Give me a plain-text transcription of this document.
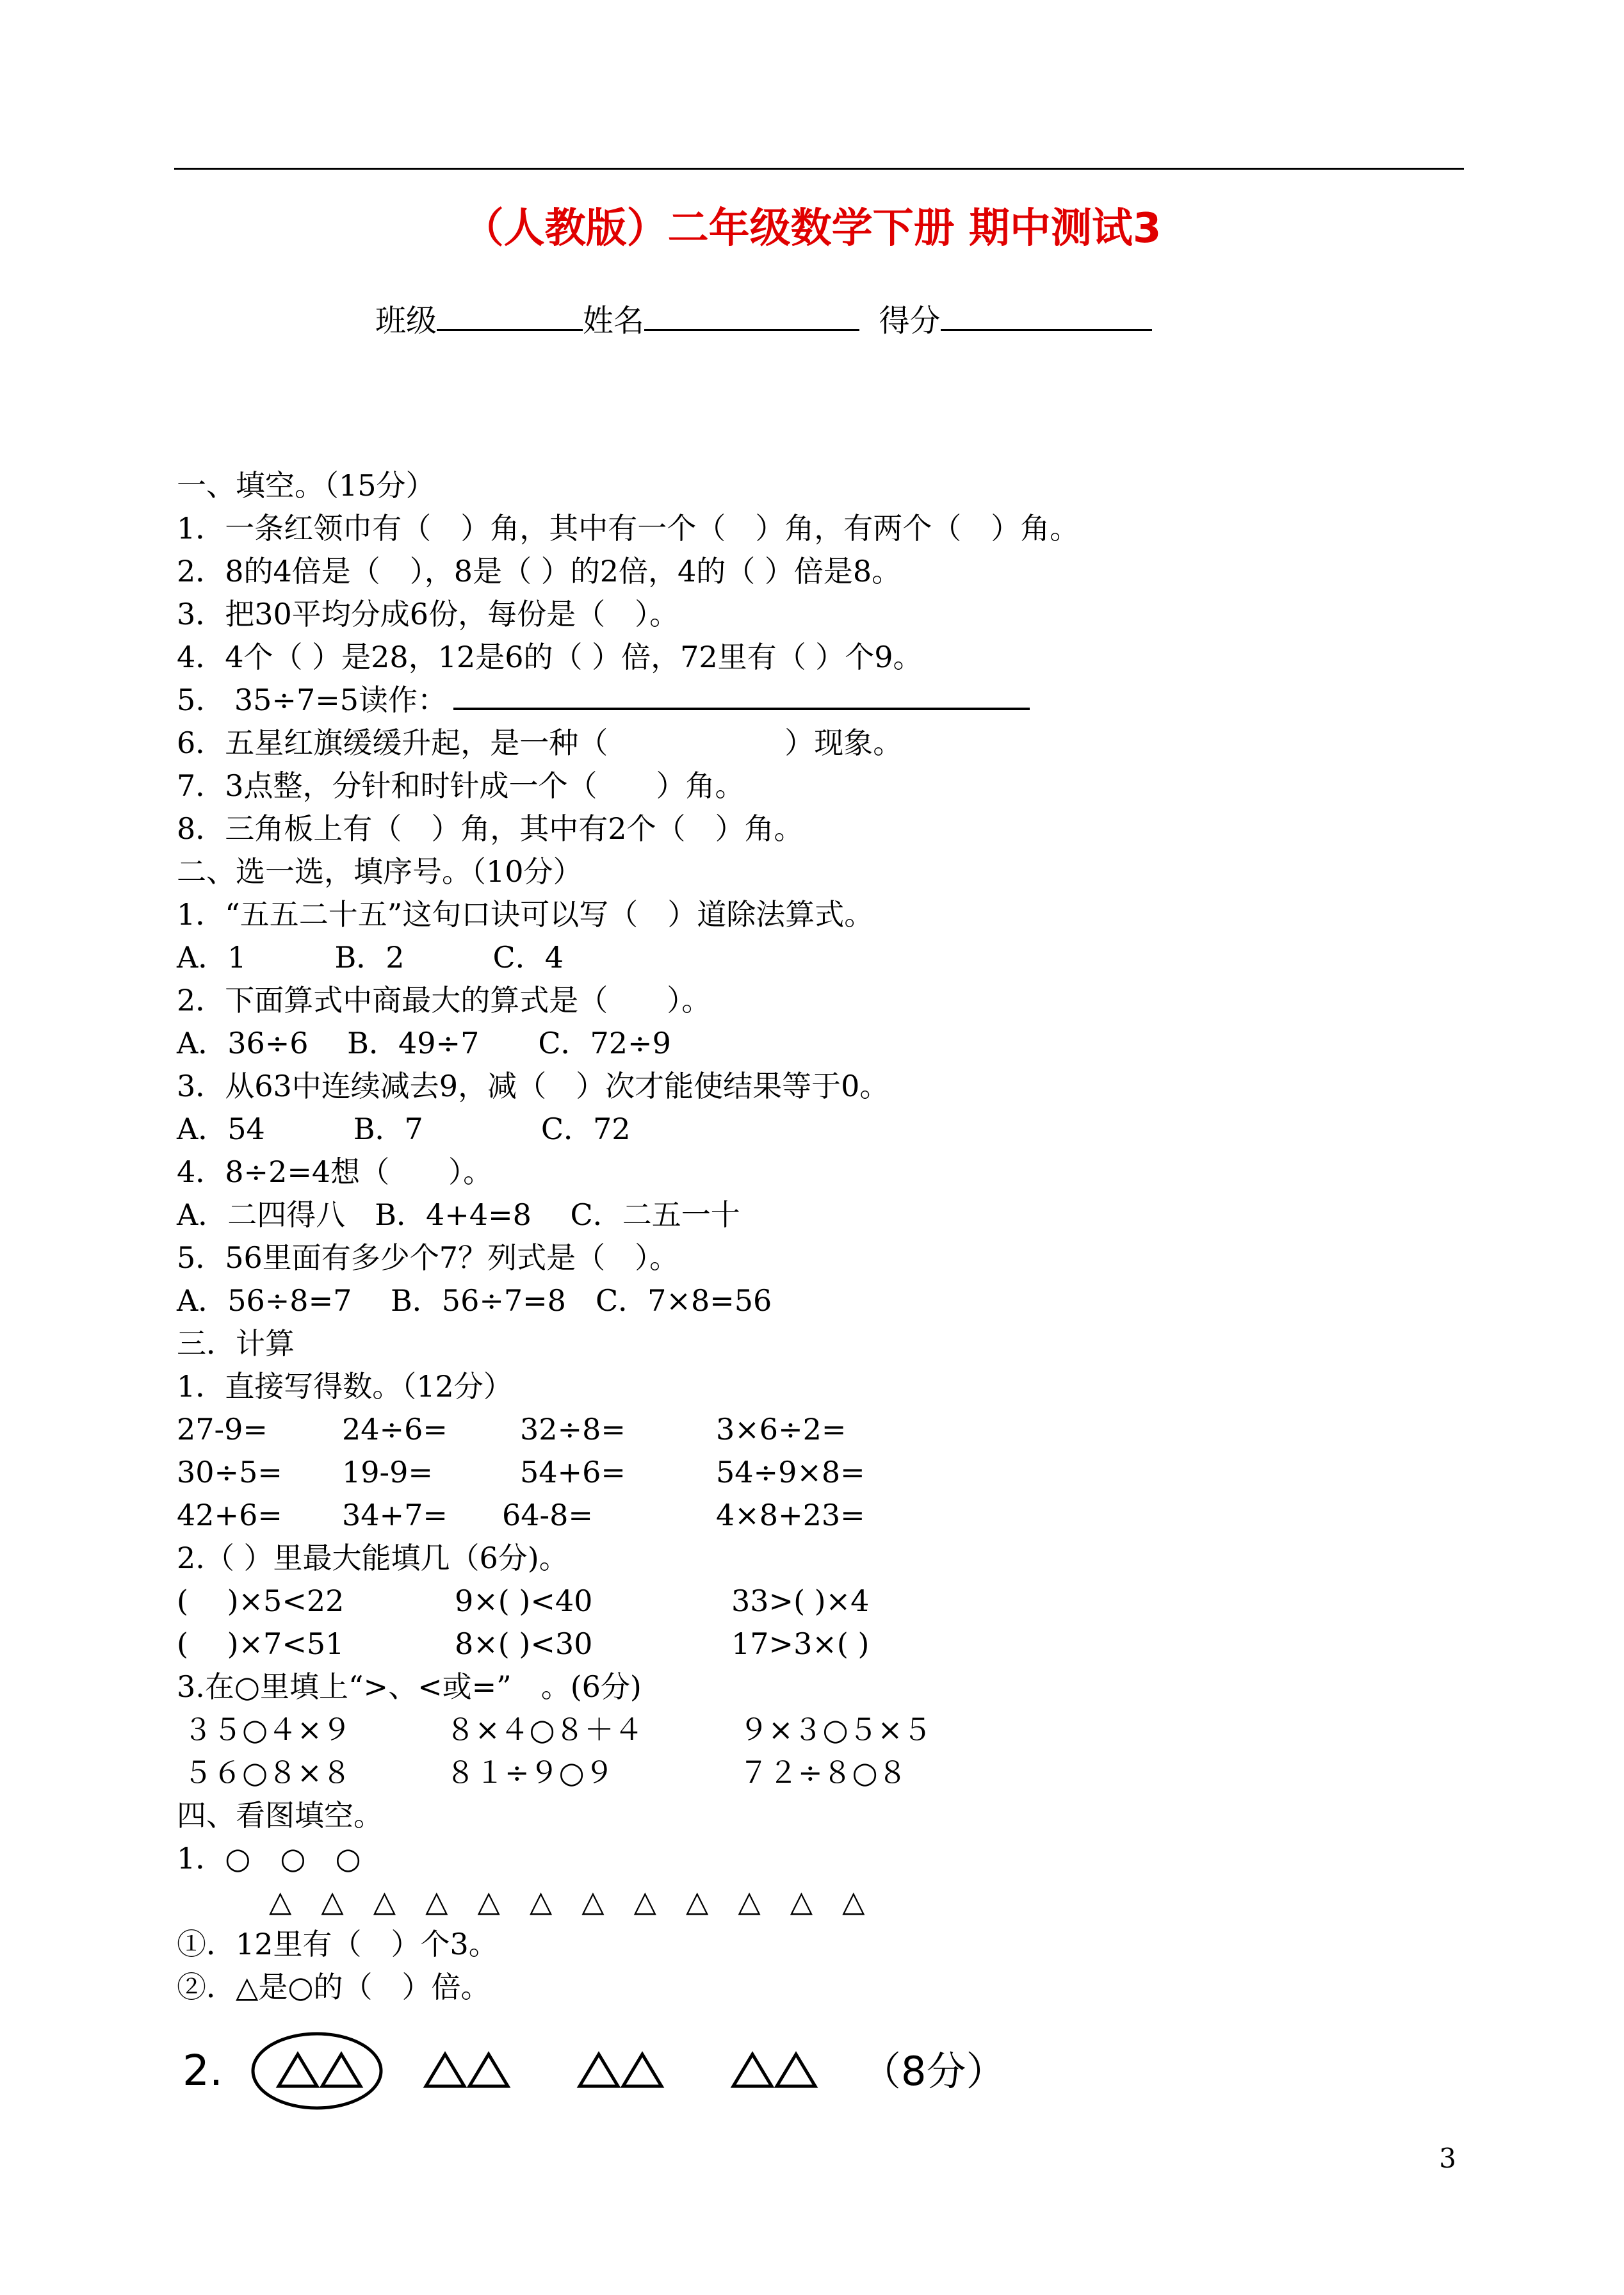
（人教版）二年级数学下册 期中测试3
班级	姓名	得分
一、填空。（15分）
1．一条红领巾有（　）角，其中有一个（　）角，有两个（　）角。
2．8的4倍是（　），8是（ ）的2倍，4的（ ）倍是8。
3．把30平均分成6份，每份是（　）。
4．4个（ ）是28，12是6的（ ）倍，72里有（ ）个9。
5.　35÷7=5读作：
6．五星红旗缓缓升起，是一种（　　　　　　）现象。
7．3点整，分针和时针成一个（　　）角。
8．三角板上有（　）角，其中有2个（　）角。
二、选一选，填序号。（10分）
1．“五五二十五”这句口诀可以写（　）道除法算式。
A．1　　　B．2　　　C．4
2．下面算式中商最大的算式是（　　）。
A．36÷6　 B．49÷7　　C．72÷9
3．从63中连续减去9，减（　）次才能使结果等于0。
A．54　　　B．7　　　　C．72
4．8÷2=4想（　　）。
A．二四得八　B．4+4=8　 C．二五一十
5．56里面有多少个7？列式是（　）。
A．56÷8=7　 B．56÷7=8　C．7×8=56
三．计算
1．直接写得数。（12分）
27-9=	24÷6= 32÷8=	3×6÷2=
30÷5= 19-9=	54+6=	54÷9×8=
42+6= 34+7= 64-8=	4×8+23=
2.（ ）里最大能填几（6分)。
(　 )×5<22	9×( )<40	33>( )×4
(　 )×7<51	8×( )<30	17>3×( )
3.在○里填上“>、<或=”　。(6分)
３５○４×９	８×４○８＋４	９×３○５×５
５６○８×８	８１÷９○９	７２÷８○８
四、看图填空。
1．○　○　○
△　△　△　△　△　△　△　△　△　△　△　△
①．12里有（　）个3。
②．△是○的（　）倍。
2.	（8分）
3
